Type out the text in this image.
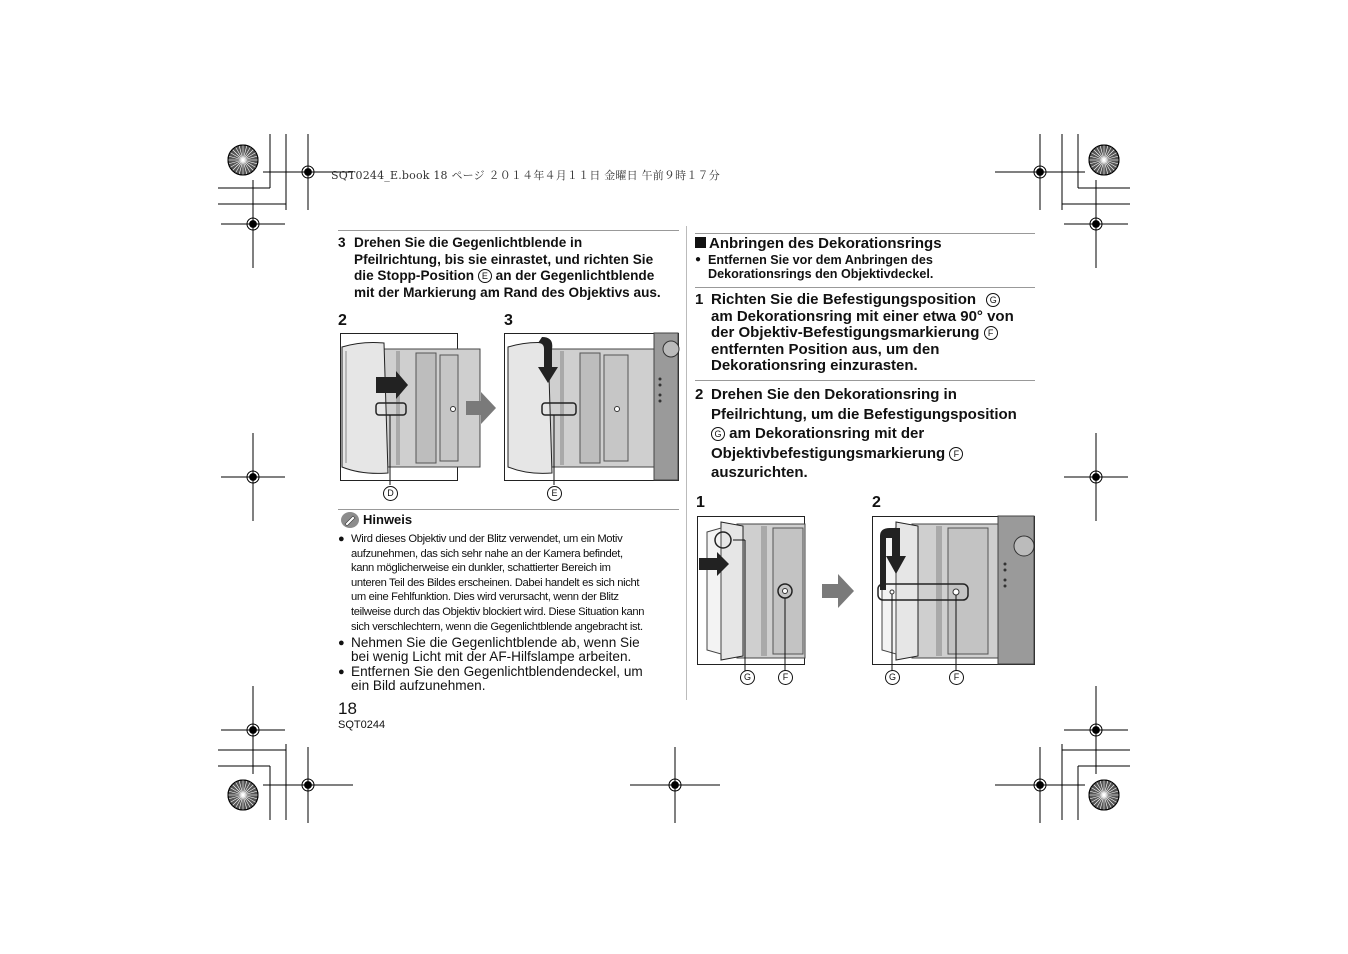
SQT0244_E.book 18 ページ ２０１４年４月１１日 金曜日 午前９時１７分
3 Drehen Sie die Gegenlichtblende in
Pfeilrichtung, bis sie einrastet, und richten Sie
die Stopp-Position E an der Gegenlichtblende
mit der Markierung am Rand des Objektivs aus.
2	3
D	E
Hinweis
● Wird dieses Objektiv und der Blitz verwendet, um ein Motiv
aufzunehmen, das sich sehr nahe an der Kamera befindet,
kann möglicherweise ein dunkler, schattierter Bereich im
unteren Teil des Bildes erscheinen. Dabei handelt es sich nicht
um eine Fehlfunktion. Dies wird verursacht, wenn der Blitz
teilweise durch das Objektiv blockiert wird. Diese Situation kann
sich verschlechtern, wenn die Gegenlichtblende angebracht ist.
● Nehmen Sie die Gegenlichtblende ab, wenn Sie
bei wenig Licht mit der AF-Hilfslampe arbeiten.
● Entfernen Sie den Gegenlichtblendendeckel, um
ein Bild aufzunehmen.
18
SQT0244
Anbringen des Dekorationsrings
● Entfernen Sie vor dem Anbringen des
Dekorationsrings den Objektivdeckel.
1 Richten Sie die Befestigungsposition G
am Dekorationsring mit einer etwa 90° von
der Objektiv-Befestigungsmarkierung F
entfernten Position aus, um den
Dekorationsring einzurasten.
2 Drehen Sie den Dekorationsring in
Pfeilrichtung, um die Befestigungsposition
G am Dekorationsring mit der
Objektivbefestigungsmarkierung F
auszurichten.
1	2
G	F	G	F
